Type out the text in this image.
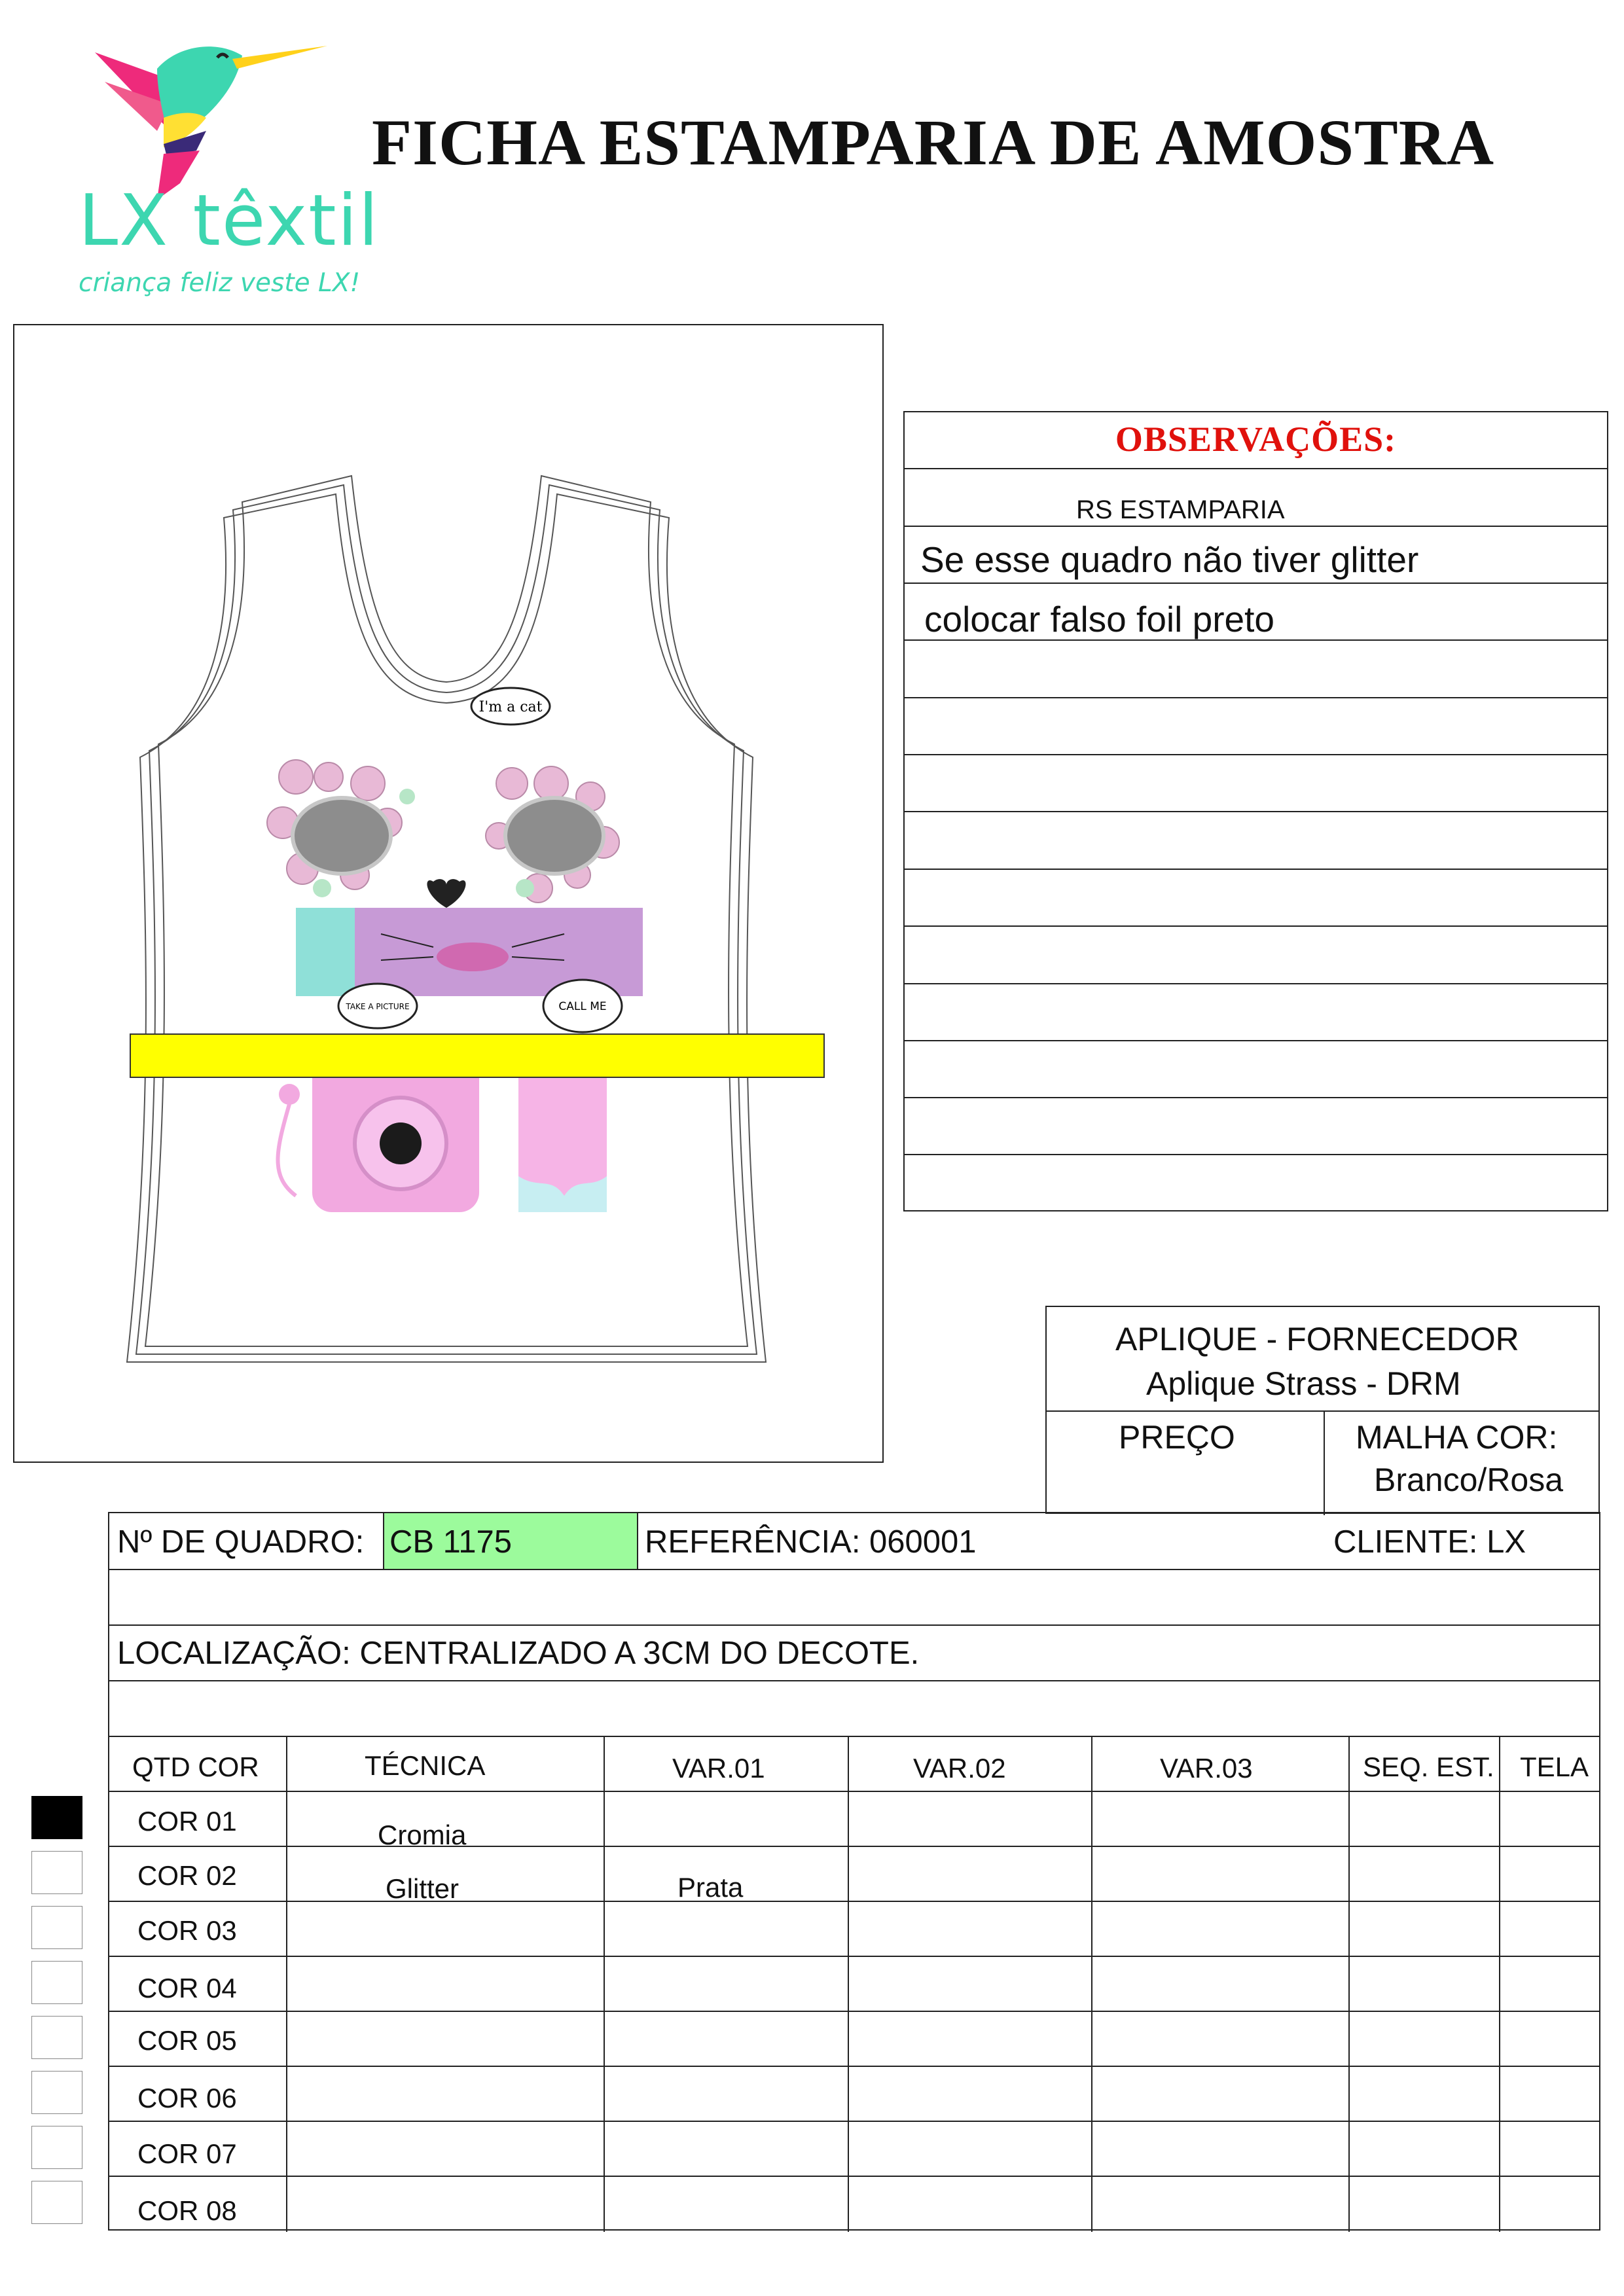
LX têxtil
criança feliz veste LX!
FICHA ESTAMPARIA DE AMOSTRA
I'm a cat
TAKE A PICTURE	CALL ME
OBSERVAÇÕES:
RS ESTAMPARIA
Se esse quadro não tiver glitter
colocar falso foil preto
APLIQUE - FORNECEDOR
Aplique Strass - DRM
PREÇO	MALHA COR:
Branco/Rosa
Nº DE QUADRO: CB 1175	REFERÊNCIA: 060001	CLIENTE: LX
LOCALIZAÇÃO: CENTRALIZADO A 3CM DO DECOTE.
QTD COR	TÉCNICA	VAR.01	VAR.02	VAR.03	SEQ. EST. TELA
COR 01	Cromia
COR 02	Glitter	Prata
COR 03
COR 04
COR 05
COR 06
COR 07
COR 08
